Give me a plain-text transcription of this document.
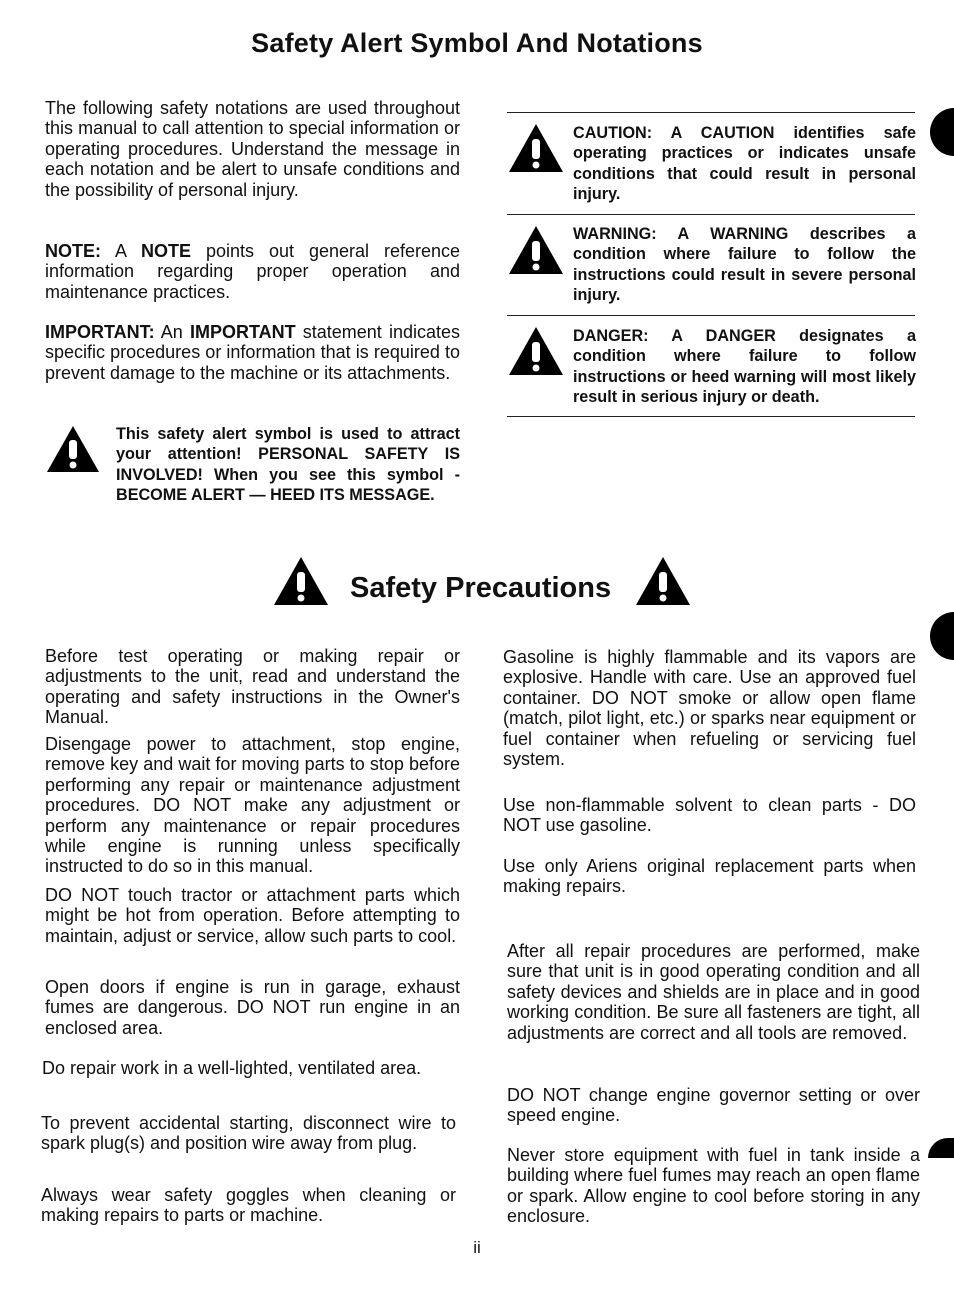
Safety Alert Symbol And Notations

The following safety notations are used throughout this manual to call attention to special information or operating procedures. Understand the message in each notation and be alert to unsafe conditions and the possibility of personal injury.

NOTE: A NOTE points out general reference information regarding proper operation and maintenance practices.

IMPORTANT: An IMPORTANT statement indicates specific procedures or information that is required to prevent damage to the machine or its attachments.

This safety alert symbol is used to attract your attention! PERSONAL SAFETY IS INVOLVED! When you see this symbol - BECOME ALERT — HEED ITS MESSAGE.

CAUTION: A CAUTION identifies safe operating practices or indicates unsafe conditions that could result in personal injury.

WARNING: A WARNING describes a condition where failure to follow the instructions could result in severe personal injury.

DANGER: A DANGER designates a condition where failure to follow instructions or heed warning will most likely result in serious injury or death.

Safety Precautions

Before test operating or making repair or adjustments to the unit, read and understand the operating and safety instructions in the Owner's Manual.

Disengage power to attachment, stop engine, remove key and wait for moving parts to stop before performing any repair or maintenance adjustment procedures. DO NOT make any adjustment or perform any maintenance or repair procedures while engine is running unless specifically instructed to do so in this manual.

DO NOT touch tractor or attachment parts which might be hot from operation. Before attempting to maintain, adjust or service, allow such parts to cool.

Open doors if engine is run in garage, exhaust fumes are dangerous. DO NOT run engine in an enclosed area.

Do repair work in a well-lighted, ventilated area.

To prevent accidental starting, disconnect wire to spark plug(s) and position wire away from plug.

Always wear safety goggles when cleaning or making repairs to parts or machine.

Gasoline is highly flammable and its vapors are explosive. Handle with care. Use an approved fuel container. DO NOT smoke or allow open flame (match, pilot light, etc.) or sparks near equipment or fuel container when refueling or servicing fuel system.

Use non-flammable solvent to clean parts - DO NOT use gasoline.

Use only Ariens original replacement parts when making repairs.

After all repair procedures are performed, make sure that unit is in good operating condition and all safety devices and shields are in place and in good working condition. Be sure all fasteners are tight, all adjustments are correct and all tools are removed.

DO NOT change engine governor setting or over speed engine.

Never store equipment with fuel in tank inside a building where fuel fumes may reach an open flame or spark. Allow engine to cool before storing in any enclosure.

ii
